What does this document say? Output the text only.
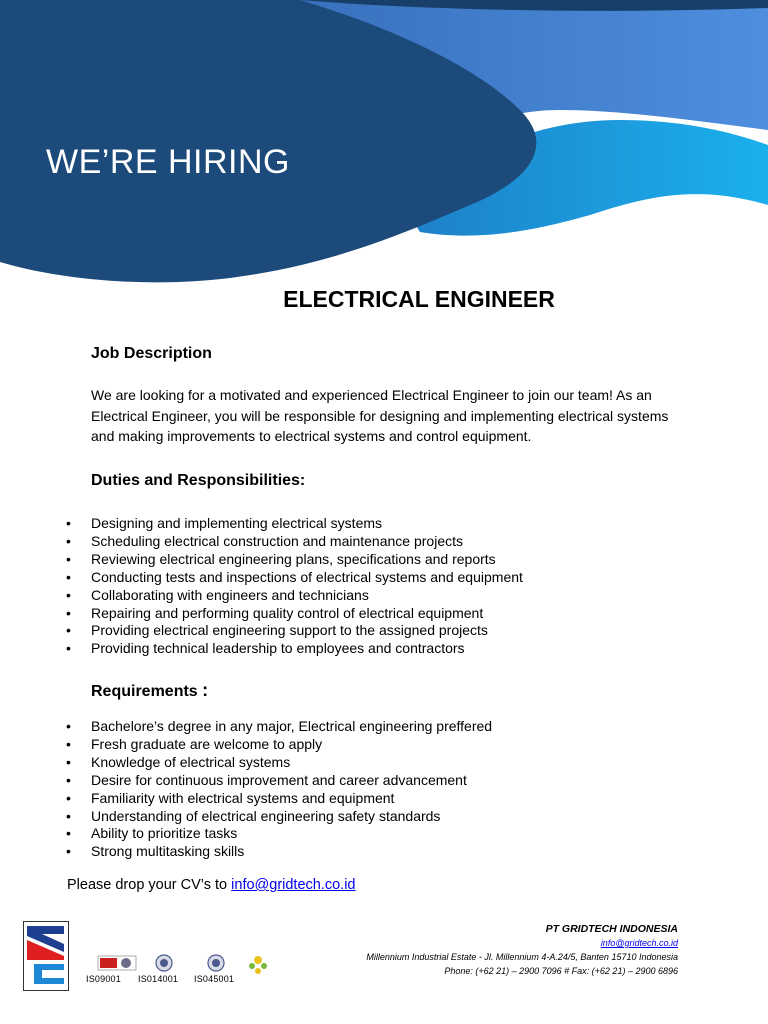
WE’RE HIRING
ELECTRICAL ENGINEER
Job Description

We are looking for a motivated and experienced Electrical Engineer to join our team! As an Electrical Engineer, you will be responsible for designing and implementing electrical systems and making improvements to electrical systems and control equipment.

Duties and Responsibilities:
• Designing and implementing electrical systems
• Scheduling electrical construction and maintenance projects
• Reviewing electrical engineering plans, specifications and reports
• Conducting tests and inspections of electrical systems and equipment
• Collaborating with engineers and technicians
• Repairing and performing quality control of electrical equipment
• Providing electrical engineering support to the assigned projects
• Providing technical leadership to employees and contractors
Requirements :
• Bachelore’s degree in any major, Electrical engineering preffered
• Fresh graduate are welcome to apply
• Knowledge of electrical systems
• Desire for continuous improvement and career advancement
• Familiarity with electrical systems and equipment
• Understanding of electrical engineering safety standards
• Ability to prioritize tasks
• Strong multitasking skills

Please drop your CV’s to info@gridtech.co.id

IS09001 IS014001 IS045001
PT GRIDTECH INDONESIA
info@gridtech.co.id
Millennium Industrial Estate - Jl. Millennium 4-A.24/5, Banten 15710 Indonesia
Phone: (+62 21) – 2900 7096 # Fax: (+62 21) – 2900 6896
